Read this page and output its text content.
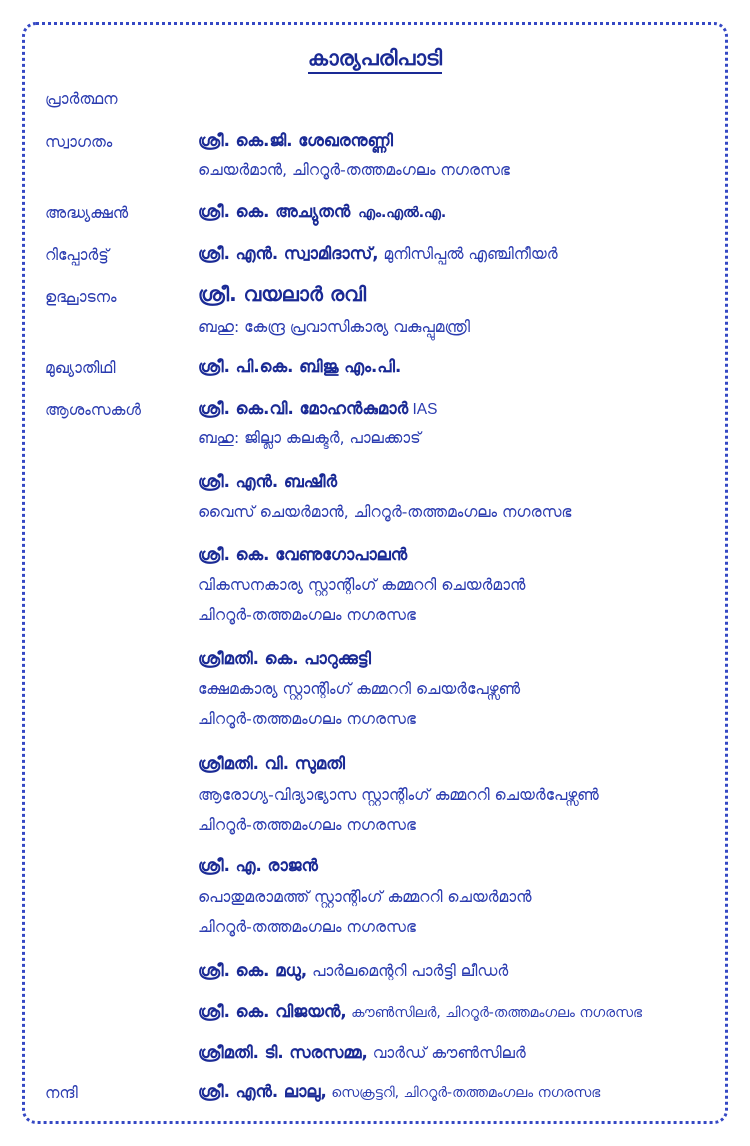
കാര്യപരിപാടി
പ്രാർത്ഥന
സ്വാഗതം	ശ്രീ. കെ.ജി. ശേഖരനുണ്ണി
ചെയർമാൻ, ചിററൂർ-തത്തമംഗലം നഗരസഭ
അദ്ധ്യക്ഷൻ	ശ്രീ. കെ. അച്യുതൻ എം.എൽ.എ.
റിപ്പോർട്ട്	ശ്രീ. എൻ. സ്വാമിദാസ്, മുനിസിപ്പൽ എഞ്ചിനീയർ
ഉദ്ഘാടനം	ശ്രീ. വയലാർ രവി
ബഹു: കേന്ദ്ര പ്രവാസികാര്യ വകുപ്പുമന്ത്രി
മുഖ്യാതിഥി	ശ്രീ. പി.കെ. ബിജു എം.പി.
ആശംസകൾ	ശ്രീ. കെ.വി. മോഹൻകുമാർ IAS
ബഹു: ജില്ലാ കലക്ടർ, പാലക്കാട്
ശ്രീ. എൻ. ബഷീർ
വൈസ് ചെയർമാൻ, ചിററൂർ-തത്തമംഗലം നഗരസഭ
ശ്രീ. കെ. വേണുഗോപാലൻ
വികസനകാര്യ സ്റ്റാന്റിംഗ് കമ്മററി ചെയർമാൻ
ചിററൂർ-തത്തമംഗലം നഗരസഭ
ശ്രീമതി. കെ. പാറുക്കുട്ടി
ക്ഷേമകാര്യ സ്റ്റാന്റിംഗ് കമ്മററി ചെയർപേഴ്സൺ
ചിററൂർ-തത്തമംഗലം നഗരസഭ
ശ്രീമതി. വി. സുമതി
ആരോഗ്യ-വിദ്യാഭ്യാസ സ്റ്റാന്റിംഗ് കമ്മററി ചെയർപേഴ്സൺ
ചിററൂർ-തത്തമംഗലം നഗരസഭ
ശ്രീ. എ. രാജൻ
പൊതുമരാമത്ത് സ്റ്റാന്റിംഗ് കമ്മററി ചെയർമാൻ
ചിററൂർ-തത്തമംഗലം നഗരസഭ
ശ്രീ. കെ. മധു, പാർലമെന്ററി പാർട്ടി ലീഡർ
ശ്രീ. കെ. വിജയൻ, കൗൺസിലർ, ചിററൂർ-തത്തമംഗലം നഗരസഭ
ശ്രീമതി. ടി. സരസമ്മ, വാർഡ് കൗൺസിലർ
നന്ദി	ശ്രീ. എൻ. ലാലു, സെക്രട്ടറി, ചിററൂർ-തത്തമംഗലം നഗരസഭ
